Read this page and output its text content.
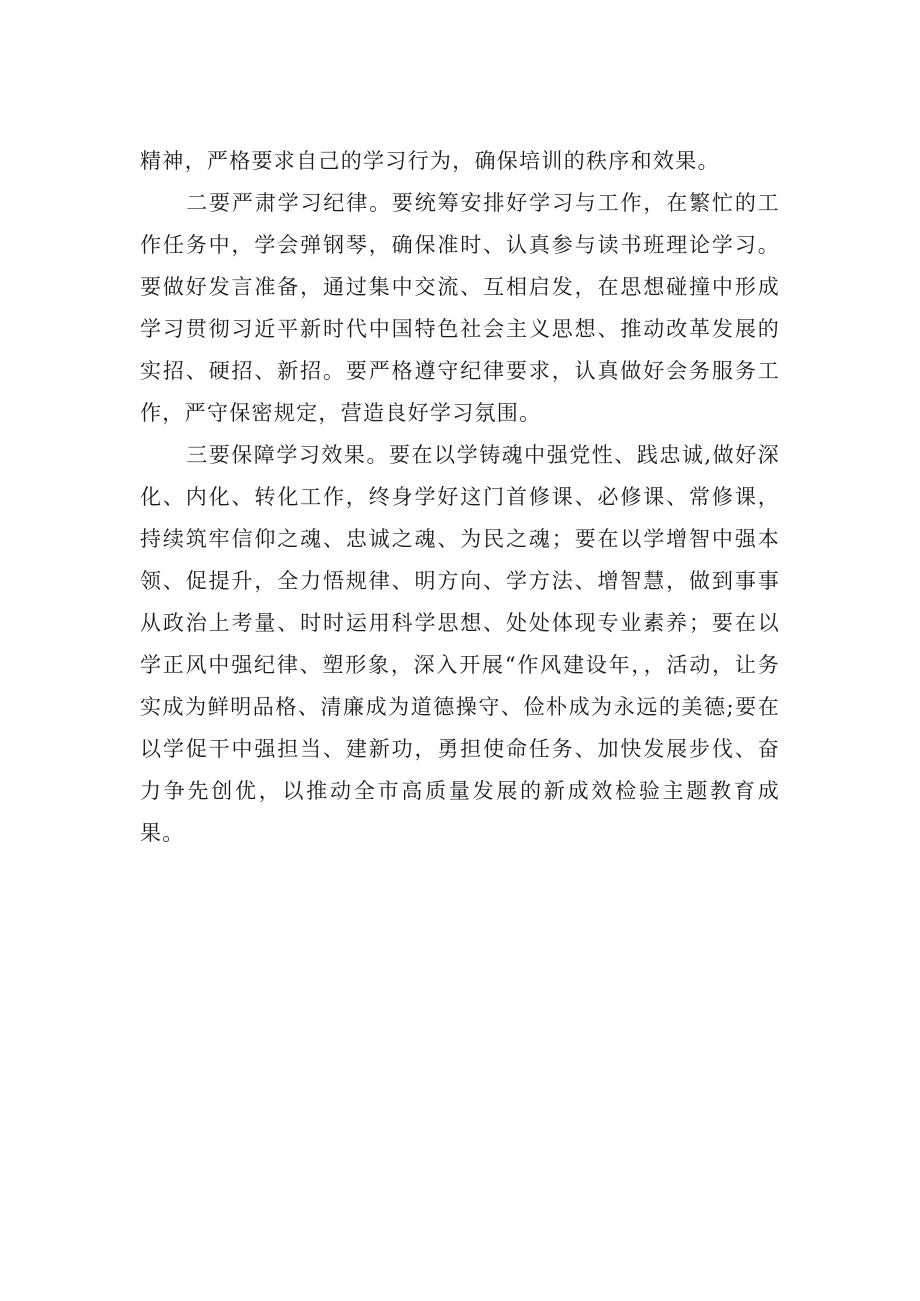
精神，严格要求自己的学习行为，确保培训的秩序和效果。

二要严肃学习纪律。要统筹安排好学习与工作，在繁忙的工作任务中，学会弹钢琴，确保准时、认真参与读书班理论学习。要做好发言准备，通过集中交流、互相启发，在思想碰撞中形成学习贯彻习近平新时代中国特色社会主义思想、推动改革发展的实招、硬招、新招。要严格遵守纪律要求，认真做好会务服务工作，严守保密规定，营造良好学习氛围。

三要保障学习效果。要在以学铸魂中强党性、践忠诚,做好深化、内化、转化工作，终身学好这门首修课、必修课、常修课，持续筑牢信仰之魂、忠诚之魂、为民之魂；要在以学增智中强本领、促提升，全力悟规律、明方向、学方法、增智慧，做到事事从政治上考量、时时运用科学思想、处处体现专业素养；要在以学正风中强纪律、塑形象，深入开展“作风建设年，，活动，让务实成为鲜明品格、清廉成为道德操守、俭朴成为永远的美德;要在以学促干中强担当、建新功，勇担使命任务、加快发展步伐、奋力争先创优，以推动全市高质量发展的新成效检验主题教育成果。
